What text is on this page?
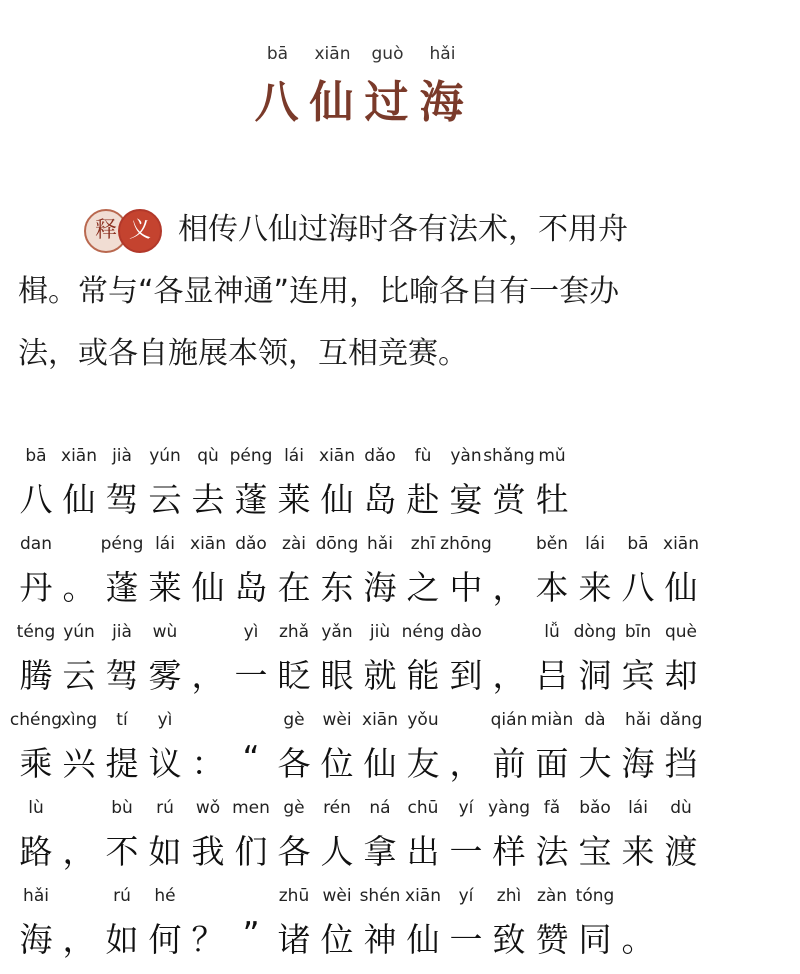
bā	xiān	guò	hǎi
八 仙 过 海
释 义 相传八仙过海时各有法术，不用舟
楫。常与“各显神通”连用，比喻各自有一套办
法，或各自施展本领，互相竞赛。
八
bā
仙
xiān
驾
jià
云
yún
去
qù
蓬
péng
莱
lái
仙
xiān
岛
dǎo
赴
fù
宴
yàn
赏
shǎng
牡
mǔ
丹
dan
。 蓬
péng
莱
lái
仙
xiān
岛
dǎo
在
zài
东
dōng
海
hǎi
之
zhī
中
zhōng
， 本
běn
来
lái
八
bā
仙
xiān
腾
téng
云
yún
驾
jià
雾
wù
， 一
yì
眨
zhǎ
眼
yǎn
就
jiù
能
néng
到
dào
， 吕
lǚ
洞
dòng
宾
bīn
却
què
乘
chéng
兴
xìng
提
tí
议
yì
： “ 各
gè
位
wèi
仙
xiān
友
yǒu
， 前
qián
面
miàn
大
dà
海
hǎi
挡
dǎng
路
lù
， 不
bù
如
rú
我
wǒ
们
men
各
gè
人
rén
拿
ná
出
chū
一
yí
样
yàng
法
fǎ
宝
bǎo
来
lái
渡
dù
海
hǎi
， 如
rú
何
hé
？ ” 诸
zhū
位
wèi
神
shén
仙
xiān
一
yí
致
zhì
赞
zàn
同
tóng
。
